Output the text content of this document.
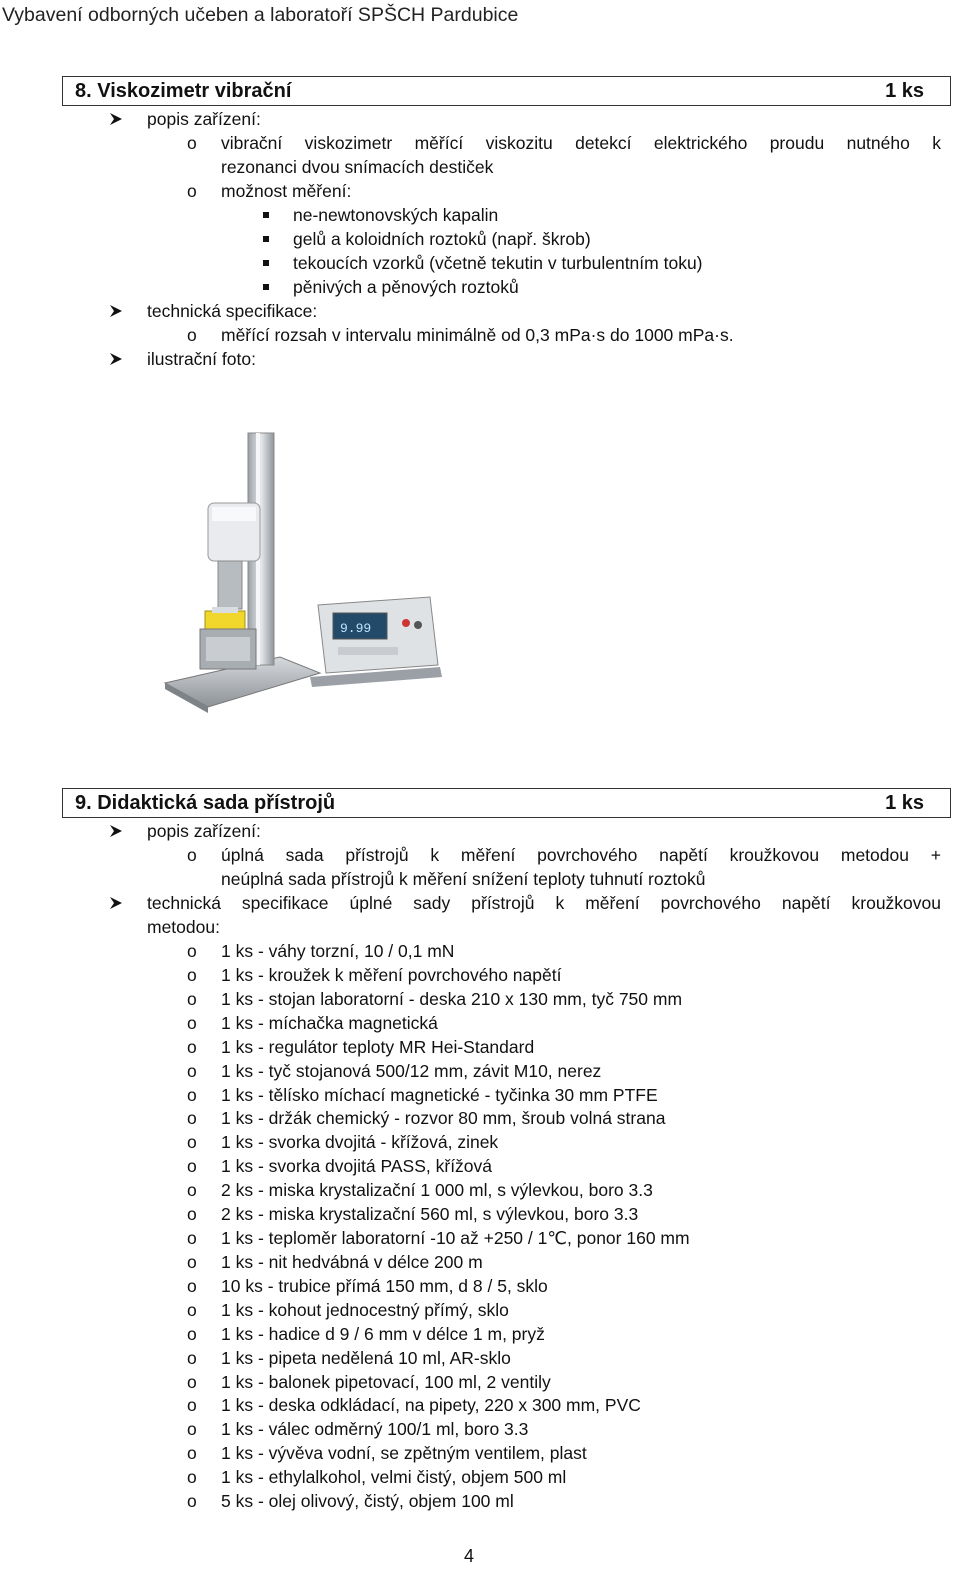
Vybavení odborných učeben a laboratoří SPŠCH Pardubice
8. Viskozimetr vibrační	1 ks
popis zařízení:
o vibrační viskozimetr měřící viskozitu detekcí elektrického proudu nutného k
rezonanci dvou snímacích destiček
o možnost měření:
ne-newtonovských kapalin
gelů a koloidních roztoků (např. škrob)
tekoucích vzorků (včetně tekutin v turbulentním toku)
pěnivých a pěnových roztoků
technická specifikace:
o měřící rozsah v intervalu minimálně od 0,3 mPa·s do 1000 mPa·s.
ilustrační foto:
9.99
9. Didaktická sada přístrojů	1 ks
popis zařízení:
o úplná sada přístrojů k měření povrchového napětí kroužkovou metodou +
neúplná sada přístrojů k měření snížení teploty tuhnutí roztoků
technická specifikace úplné sady přístrojů k měření povrchového napětí kroužkovou
metodou:
o 1 ks - váhy torzní, 10 / 0,1 mN
o 1 ks - kroužek k měření povrchového napětí
o 1 ks - stojan laboratorní - deska 210 x 130 mm, tyč 750 mm
o 1 ks - míchačka magnetická
o 1 ks - regulátor teploty MR Hei-Standard
o 1 ks - tyč stojanová 500/12 mm, závit M10, nerez
o 1 ks - tělísko míchací magnetické - tyčinka 30 mm PTFE
o 1 ks - držák chemický - rozvor 80 mm, šroub volná strana
o 1 ks - svorka dvojitá - křížová, zinek
o 1 ks - svorka dvojitá PASS, křížová
o 2 ks - miska krystalizační 1 000 ml, s výlevkou, boro 3.3
o 2 ks - miska krystalizační 560 ml, s výlevkou, boro 3.3
o 1 ks - teploměr laboratorní -10 až +250 / 1℃, ponor 160 mm
o 1 ks - nit hedvábná v délce 200 m
o 10 ks - trubice přímá 150 mm, d 8 / 5, sklo
o 1 ks - kohout jednocestný přímý, sklo
o 1 ks - hadice d 9 / 6 mm v délce 1 m, pryž
o 1 ks - pipeta nedělená 10 ml, AR-sklo
o 1 ks - balonek pipetovací, 100 ml, 2 ventily
o 1 ks - deska odkládací, na pipety, 220 x 300 mm, PVC
o 1 ks - válec odměrný 100/1 ml, boro 3.3
o 1 ks - vývěva vodní, se zpětným ventilem, plast
o 1 ks - ethylalkohol, velmi čistý, objem 500 ml
o 5 ks - olej olivový, čistý, objem 100 ml
4
